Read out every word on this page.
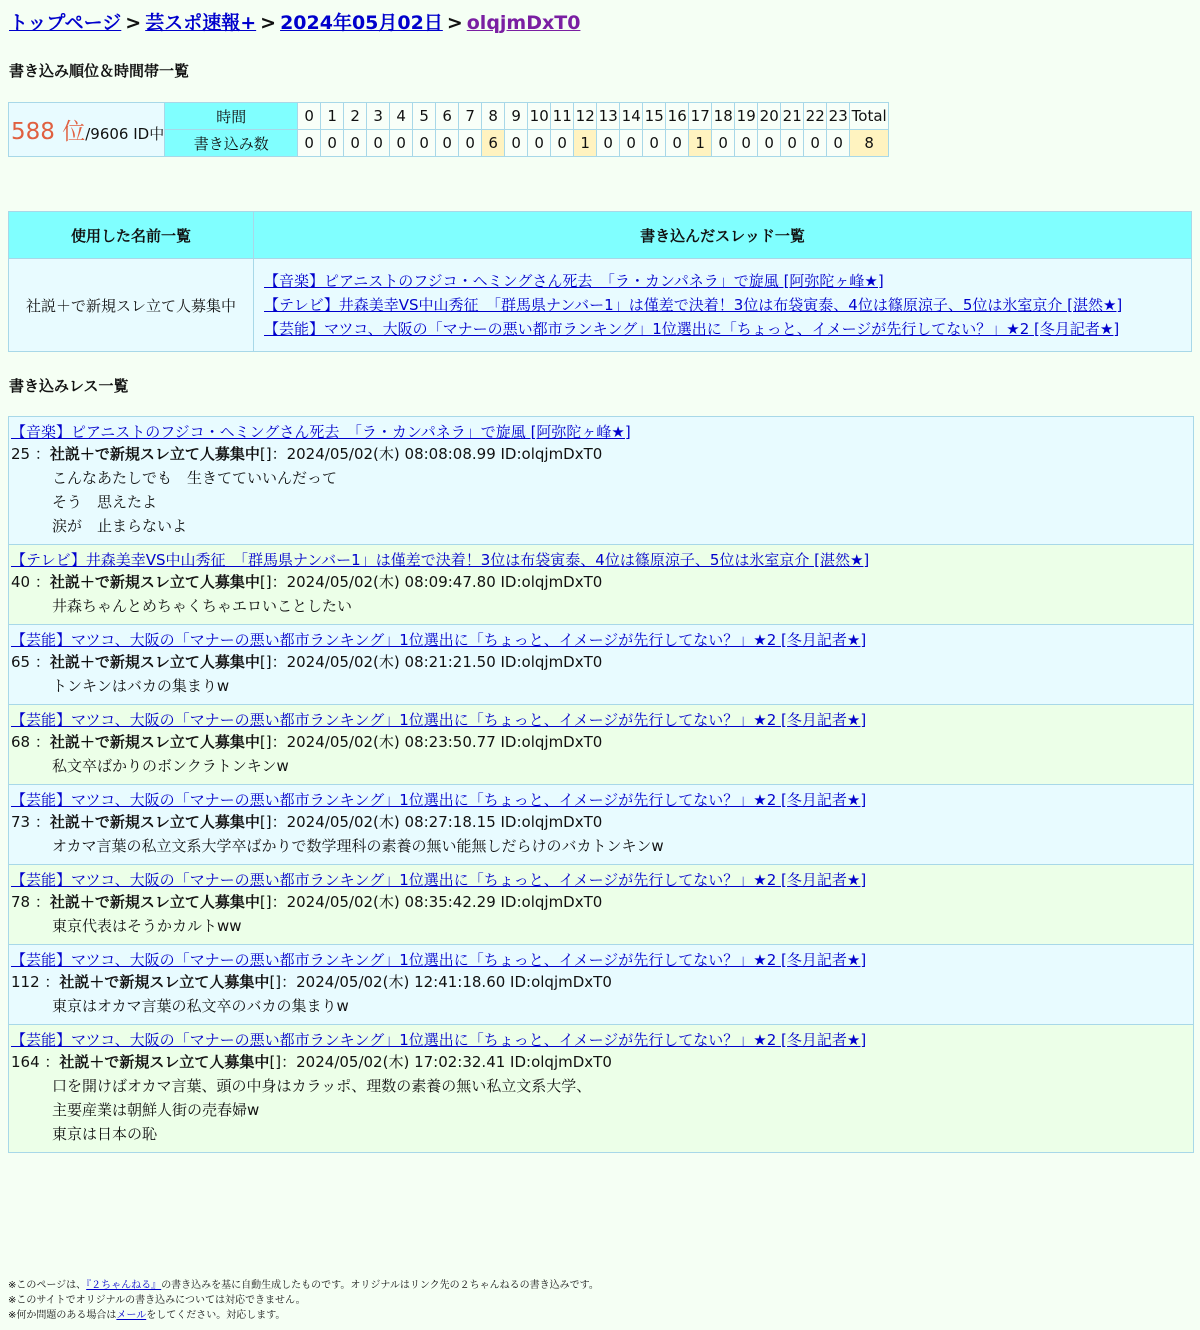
トップページ > 芸スポ速報+ > 2024年05月02日 > olqjmDxT0
書き込み順位＆時間帯一覧
588 位/9606 ID中	時間	0	1	2	3	4	5	6	7	8	9	10	11	12	13	14	15	16	17	18	19	20	21	22	23	Total
	書き込み数	0	0	0	0	0	0	0	0	6	0	0	0	1	0	0	0	0	1	0	0	0	0	0	0	8
使用した名前一覧	書き込んだスレッド一覧
社説＋で新規スレ立て人募集中	【音楽】ピアニストのフジコ・ヘミングさん死去　「ラ・カンパネラ」で旋風 [阿弥陀ヶ峰★]
【テレビ】井森美幸VS中山秀征　「群馬県ナンバー1」は僅差で決着！3位は布袋寅泰、4位は篠原涼子、5位は氷室京介 [湛然★]
【芸能】マツコ、大阪の「マナーの悪い都市ランキング」1位選出に「ちょっと、イメージが先行してない？」★2 [冬月記者★]
書き込みレス一覧
【音楽】ピアニストのフジコ・ヘミングさん死去　「ラ・カンパネラ」で旋風 [阿弥陀ヶ峰★]
25 ：社説＋で新規スレ立て人募集中[]：2024/05/02(木) 08:08:08.99 ID:olqjmDxT0
こんなあたしでも　生きてていいんだって
そう　思えたよ
涙が　止まらないよ
【テレビ】井森美幸VS中山秀征　「群馬県ナンバー1」は僅差で決着！3位は布袋寅泰、4位は篠原涼子、5位は氷室京介 [湛然★]
40 ：社説＋で新規スレ立て人募集中[]：2024/05/02(木) 08:09:47.80 ID:olqjmDxT0
井森ちゃんとめちゃくちゃエロいことしたい
【芸能】マツコ、大阪の「マナーの悪い都市ランキング」1位選出に「ちょっと、イメージが先行してない？」★2 [冬月記者★]
65 ：社説＋で新規スレ立て人募集中[]：2024/05/02(木) 08:21:21.50 ID:olqjmDxT0
トンキンはバカの集まりw
【芸能】マツコ、大阪の「マナーの悪い都市ランキング」1位選出に「ちょっと、イメージが先行してない？」★2 [冬月記者★]
68 ：社説＋で新規スレ立て人募集中[]：2024/05/02(木) 08:23:50.77 ID:olqjmDxT0
私文卒ばかりのボンクラトンキンw
【芸能】マツコ、大阪の「マナーの悪い都市ランキング」1位選出に「ちょっと、イメージが先行してない？」★2 [冬月記者★]
73 ：社説＋で新規スレ立て人募集中[]：2024/05/02(木) 08:27:18.15 ID:olqjmDxT0
オカマ言葉の私立文系大学卒ばかりで数学理科の素養の無い能無しだらけのバカトンキンw
【芸能】マツコ、大阪の「マナーの悪い都市ランキング」1位選出に「ちょっと、イメージが先行してない？」★2 [冬月記者★]
78 ：社説＋で新規スレ立て人募集中[]：2024/05/02(木) 08:35:42.29 ID:olqjmDxT0
東京代表はそうかカルトww
【芸能】マツコ、大阪の「マナーの悪い都市ランキング」1位選出に「ちょっと、イメージが先行してない？」★2 [冬月記者★]
112 ：社説＋で新規スレ立て人募集中[]：2024/05/02(木) 12:41:18.60 ID:olqjmDxT0
東京はオカマ言葉の私文卒のバカの集まりw
【芸能】マツコ、大阪の「マナーの悪い都市ランキング」1位選出に「ちょっと、イメージが先行してない？」★2 [冬月記者★]
164 ：社説＋で新規スレ立て人募集中[]：2024/05/02(木) 17:02:32.41 ID:olqjmDxT0
口を開けばオカマ言葉、頭の中身はカラッポ、理数の素養の無い私立文系大学、
主要産業は朝鮮人街の売春婦w
東京は日本の恥
※このページは、『２ちゃんねる』の書き込みを基に自動生成したものです。オリジナルはリンク先の２ちゃんねるの書き込みです。
※このサイトでオリジナルの書き込みについては対応できません。
※何か問題のある場合はメールをしてください。対応します。
